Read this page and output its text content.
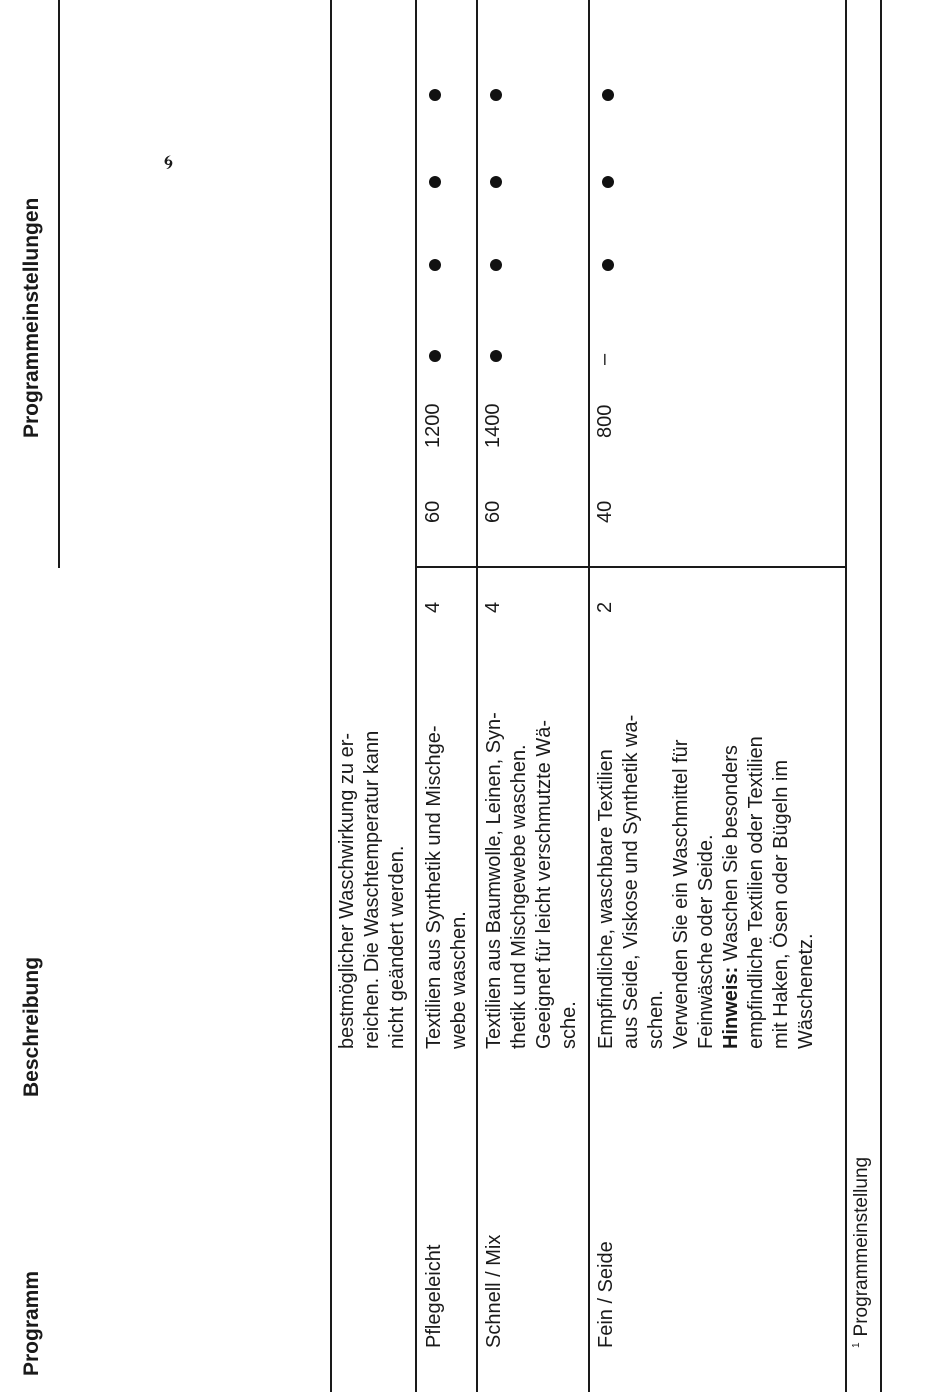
Programm
Beschreibung
Programmeinstellungen
🌀︎
bestmöglicher Waschwirkung zu er- reichen. Die Waschtemperatur kann nicht geändert werden.
Pflegeleicht
Textilien aus Synthetik und Mischge- webe waschen.
4
60
1200
Schnell / Mix
Textilien aus Baumwolle, Leinen, Syn- thetik und Mischgewebe waschen. Geeignet für leicht verschmutzte Wä- sche.
4
60
1400
Fein / Seide
Empfindliche, waschbare Textilien aus Seide, Viskose und Synthetik wa- schen. Verwenden Sie ein Waschmittel für Feinwäsche oder Seide. Hinweis: Waschen Sie besonders empfindliche Textilien oder Textilien mit Haken, Ösen oder Bügeln im Wäschenetz.
2
40
800
–
$^1$Programmeinstellung
